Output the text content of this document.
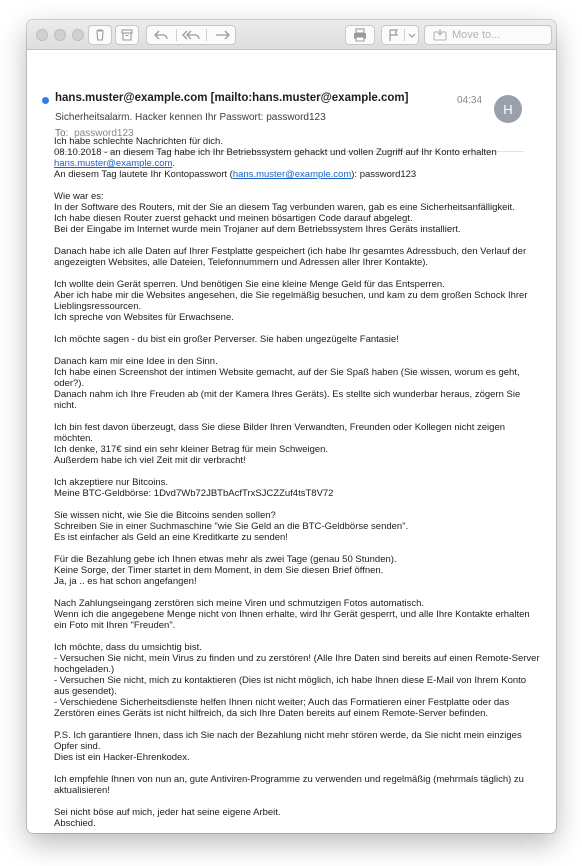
Move to...
hans.muster@example.com [mailto:hans.muster@example.com]	04:34
H
Sicherheitsalarm. Hacker kennen Ihr Passwort: password123
To: password123
Ich habe schlechte Nachrichten für dich.
08.10.2018 - an diesem Tag habe ich Ihr Betriebssystem gehackt und vollen Zugriff auf Ihr Konto erhalten
hans.muster@example.com.
An diesem Tag lautete Ihr Kontopasswort (hans.muster@example.com): password123
Wie war es:
In der Software des Routers, mit der Sie an diesem Tag verbunden waren, gab es eine Sicherheitsanfälligkeit.
Ich habe diesen Router zuerst gehackt und meinen bösartigen Code darauf abgelegt.
Bei der Eingabe im Internet wurde mein Trojaner auf dem Betriebssystem Ihres Geräts installiert.
Danach habe ich alle Daten auf Ihrer Festplatte gespeichert (ich habe Ihr gesamtes Adressbuch, den Verlauf der
angezeigten Websites, alle Dateien, Telefonnummern und Adressen aller Ihrer Kontakte).
Ich wollte dein Gerät sperren. Und benötigen Sie eine kleine Menge Geld für das Entsperren.
Aber ich habe mir die Websites angesehen, die Sie regelmäßig besuchen, und kam zu dem großen Schock Ihrer
Lieblingsressourcen.
Ich spreche von Websites für Erwachsene.
Ich möchte sagen - du bist ein großer Perverser. Sie haben ungezügelte Fantasie!
Danach kam mir eine Idee in den Sinn.
Ich habe einen Screenshot der intimen Website gemacht, auf der Sie Spaß haben (Sie wissen, worum es geht,
oder?).
Danach nahm ich Ihre Freuden ab (mit der Kamera Ihres Geräts). Es stellte sich wunderbar heraus, zögern Sie
nicht.
Ich bin fest davon überzeugt, dass Sie diese Bilder Ihren Verwandten, Freunden oder Kollegen nicht zeigen
möchten.
Ich denke, 317€ sind ein sehr kleiner Betrag für mein Schweigen.
Außerdem habe ich viel Zeit mit dir verbracht!
Ich akzeptiere nur Bitcoins.
Meine BTC-Geldbörse: 1Dvd7Wb72JBTbAcfTrxSJCZZuf4tsT8V72
Sie wissen nicht, wie Sie die Bitcoins senden sollen?
Schreiben Sie in einer Suchmaschine "wie Sie Geld an die BTC-Geldbörse senden".
Es ist einfacher als Geld an eine Kreditkarte zu senden!
Für die Bezahlung gebe ich Ihnen etwas mehr als zwei Tage (genau 50 Stunden).
Keine Sorge, der Timer startet in dem Moment, in dem Sie diesen Brief öffnen.
Ja, ja .. es hat schon angefangen!
Nach Zahlungseingang zerstören sich meine Viren und schmutzigen Fotos automatisch.
Wenn ich die angegebene Menge nicht von Ihnen erhalte, wird Ihr Gerät gesperrt, und alle Ihre Kontakte erhalten
ein Foto mit Ihren "Freuden".
Ich möchte, dass du umsichtig bist.
- Versuchen Sie nicht, mein Virus zu finden und zu zerstören! (Alle Ihre Daten sind bereits auf einen Remote-Server
hochgeladen.)
- Versuchen Sie nicht, mich zu kontaktieren (Dies ist nicht möglich, ich habe Ihnen diese E-Mail von Ihrem Konto
aus gesendet).
- Verschiedene Sicherheitsdienste helfen Ihnen nicht weiter; Auch das Formatieren einer Festplatte oder das
Zerstören eines Geräts ist nicht hilfreich, da sich Ihre Daten bereits auf einem Remote-Server befinden.
P.S. Ich garantiere Ihnen, dass ich Sie nach der Bezahlung nicht mehr stören werde, da Sie nicht mein einziges
Opfer sind.
Dies ist ein Hacker-Ehrenkodex.
Ich empfehle Ihnen von nun an, gute Antiviren-Programme zu verwenden und regelmäßig (mehrmals täglich) zu
aktualisieren!
Sei nicht böse auf mich, jeder hat seine eigene Arbeit.
Abschied.
